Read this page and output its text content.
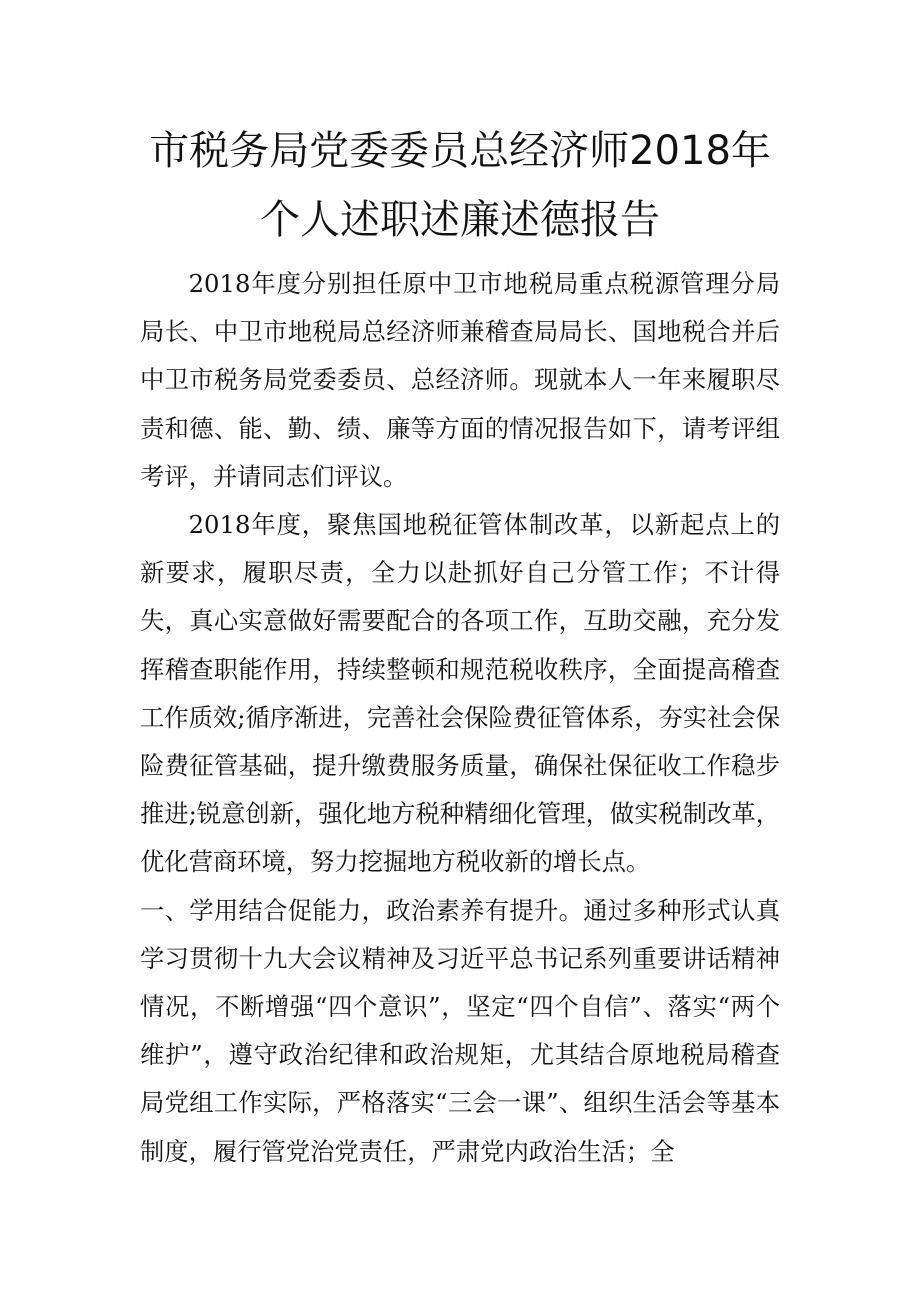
市税务局党委委员总经济师2018年
个人述职述廉述德报告

2018年度分别担任原中卫市地税局重点税源管理分局局长、中卫市地税局总经济师兼稽查局局长、国地税合并后中卫市税务局党委委员、总经济师。现就本人一年来履职尽责和德、能、勤、绩、廉等方面的情况报告如下，请考评组考评，并请同志们评议。

2018年度，聚焦国地税征管体制改革，以新起点上的新要求，履职尽责，全力以赴抓好自己分管工作；不计得失，真心实意做好需要配合的各项工作，互助交融，充分发挥稽查职能作用，持续整顿和规范税收秩序，全面提高稽查工作质效;循序渐进，完善社会保险费征管体系，夯实社会保险费征管基础，提升缴费服务质量，确保社保征收工作稳步推进;锐意创新，强化地方税种精细化管理，做实税制改革，优化营商环境，努力挖掘地方税收新的增长点。

一、学用结合促能力，政治素养有提升。通过多种形式认真学习贯彻十九大会议精神及习近平总书记系列重要讲话精神情况，不断增强“四个意识”，坚定“四个自信”、落实“两个维护”，遵守政治纪律和政治规矩，尤其结合原地税局稽查局党组工作实际，严格落实“三会一课”、组织生活会等基本制度，履行管党治党责任，严肃党内政治生活；全
